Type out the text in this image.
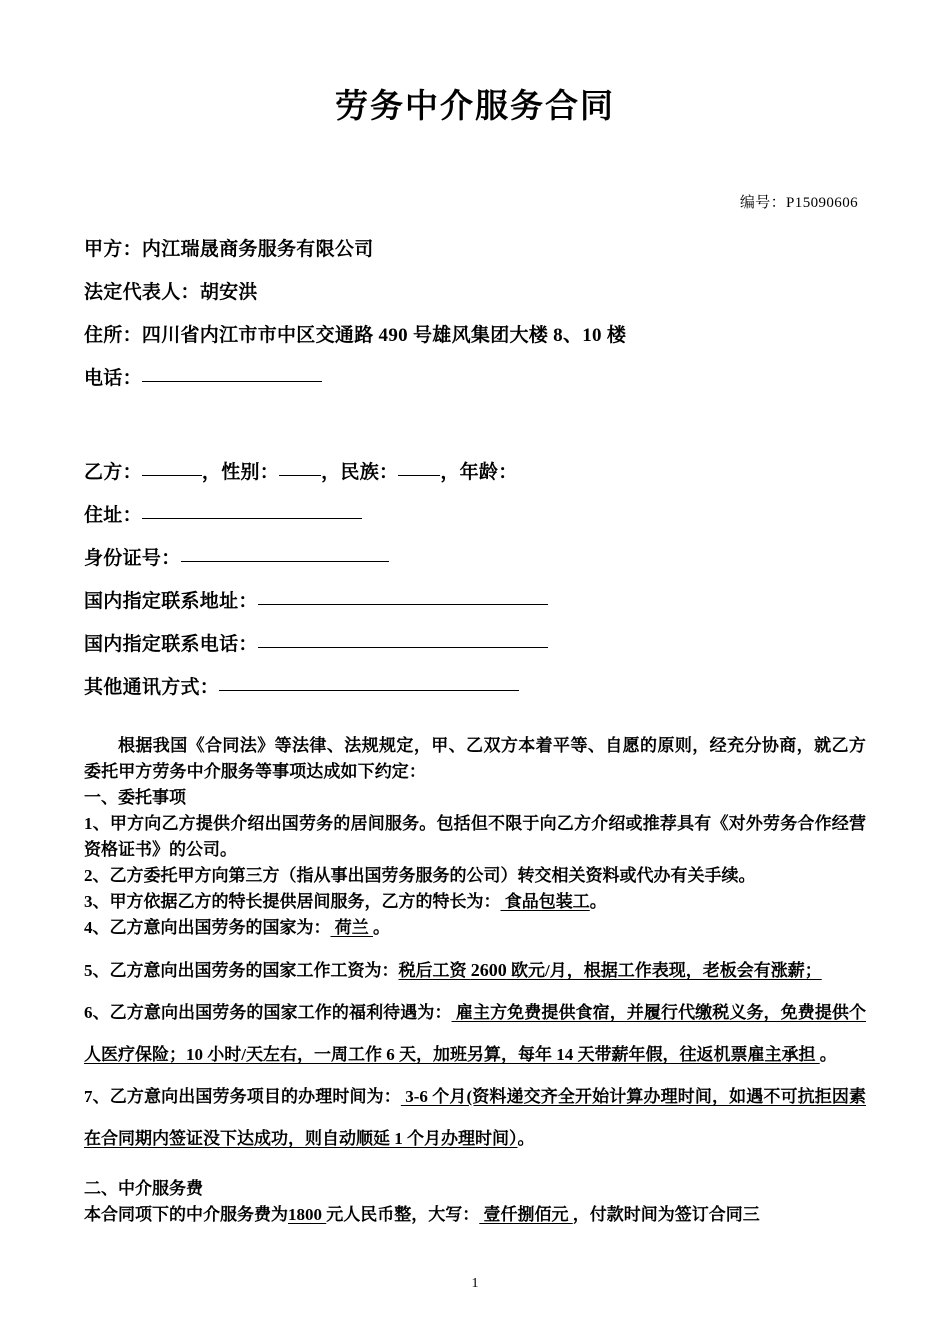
劳务中介服务合同
编号：P15090606
甲方：内江瑞晟商务服务有限公司
法定代表人：胡安洪
住所：四川省内江市市中区交通路 490 号雄风集团大楼 8、10 楼
电话：
乙方：	，性别： ，民族： ，年龄：
住址：
身份证号：
国内指定联系地址：
国内指定联系电话：
其他通讯方式：

根据我国《合同法》等法律、法规规定，甲、乙双方本着平等、自愿的原则，经充分协商，就乙方委托甲方劳务中介服务等事项达成如下约定：

一、委托事项

1、甲方向乙方提供介绍出国劳务的居间服务。包括但不限于向乙方介绍或推荐具有《对外劳务合作经营资格证书》的公司。

2、乙方委托甲方向第三方（指从事出国劳务服务的公司）转交相关资料或代办有关手续。

3、甲方依据乙方的特长提供居间服务，乙方的特长为： 食品包装工。

4、乙方意向出国劳务的国家为： 荷兰 。

5、乙方意向出国劳务的国家工作工资为：税后工资 2600 欧元/月，根据工作表现，老板会有涨薪；

6、乙方意向出国劳务的国家工作的福利待遇为： 雇主方免费提供食宿，并履行代缴税义务，免费提供个人医疗保险；10 小时/天左右，一周工作 6 天，加班另算，每年 14 天带薪年假，往返机票雇主承担 。

7、乙方意向出国劳务项目的办理时间为： 3-6 个月(资料递交齐全开始计算办理时间，如遇不可抗拒因素在合同期内签证没下达成功，则自动顺延 1 个月办理时间）。

二、中介服务费

本合同项下的中介服务费为1800 元人民币整，大写： 壹仟捌佰元 ，付款时间为签订合同三

1
